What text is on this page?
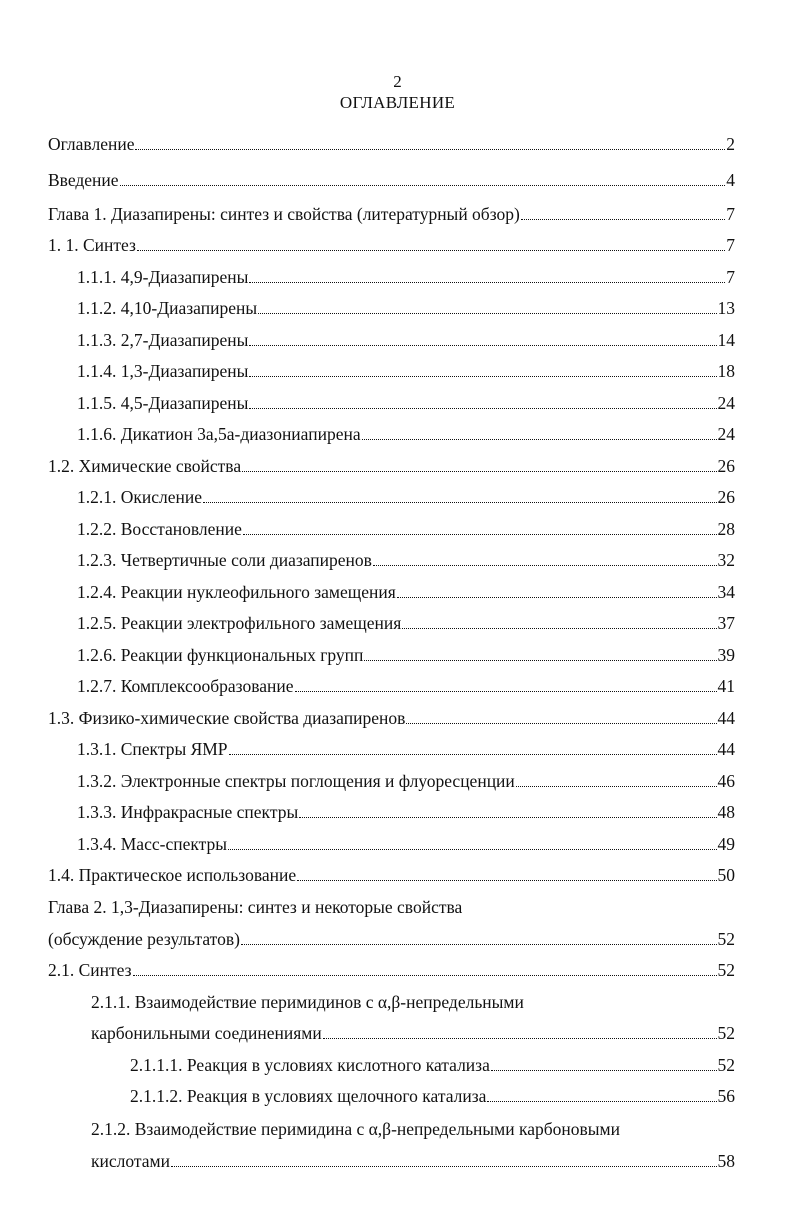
2
ОГЛАВЛЕНИЕ
Оглавление	2
Введение	4
Глава 1. Диазапирены: синтез и свойства (литературный обзор)	7
1. 1. Синтез	7
1.1.1. 4,9-Диазапирены	7
1.1.2. 4,10-Диазапирены	13
1.1.3. 2,7-Диазапирены	14
1.1.4. 1,3-Диазапирены	18
1.1.5. 4,5-Диазапирены	24
1.1.6. Дикатион 3а,5а-диазониапирена	24
1.2. Химические свойства	26
1.2.1. Окисление	26
1.2.2. Восстановление	28
1.2.3. Четвертичные соли диазапиренов	32
1.2.4. Реакции нуклеофильного замещения	34
1.2.5. Реакции электрофильного замещения	37
1.2.6. Реакции функциональных групп	39
1.2.7. Комплексообразование	41
1.3. Физико-химические свойства диазапиренов	44
1.3.1. Спектры ЯМР	44
1.3.2. Электронные спектры поглощения и флуоресценции	46
1.3.3. Инфракрасные спектры	48
1.3.4. Масс-спектры	49
1.4. Практическое использование	50
Глава 2. 1,3-Диазапирены: синтез и некоторые свойства
(обсуждение результатов)	52
2.1. Синтез	52
2.1.1. Взаимодействие перимидинов с α,β-непредельными
карбонильными соединениями	52
2.1.1.1. Реакция в условиях кислотного катализа	52
2.1.1.2. Реакция в условиях щелочного катализа	56
2.1.2. Взаимодействие перимидина с α,β-непредельными карбоновыми
кислотами	58
